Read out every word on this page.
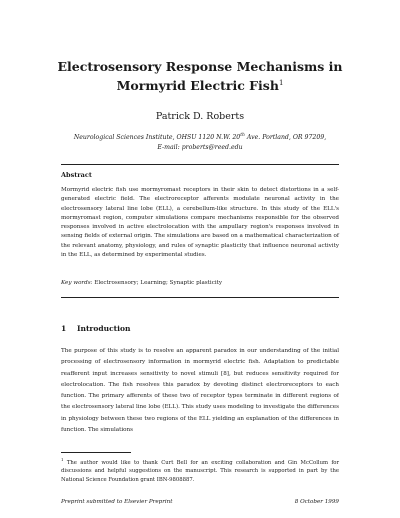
Electrosensory Response Mechanisms in
Mormyrid Electric Fish$^1$
Patrick D. Roberts
Neurological Sciences Institute, OHSU 1120 N.W. 20th Ave. Portland, OR 97209,
E-mail: proberts@reed.edu
Abstract
Mormyrid electric fish use mormyromast receptors in their skin to detect distortions in a self-generated electric field. The electroreceptor afferents modulate neuronal activity in the electrosensory lateral line lobe (ELL), a cerebellum-like structure. In this study of the ELL's mormyromast region, computer simulations compare mechanisms responsible for the observed responses involved in active electrolocation with the ampullary region's responses involved in sensing fields of external origin. The simulations are based on a mathematical characterization of the relevant anatomy, physiology, and rules of synaptic plasticity that influence neuronal activity in the ELL, as determined by experimental studies.
Key words: Electrosensory; Learning; Synaptic plasticity
1 Introduction
The purpose of this study is to resolve an apparent paradox in our understanding of the initial processing of electrosensory information in mormyrid electric fish. Adaptation to predictable reafferent input increases sensitivity to novel stimuli [8], but reduces sensitivity required for electrolocation. The fish resolves this paradox by devoting distinct electroreceptors to each function. The primary afferents of these two of receptor types terminate in different regions of the electrosensory lateral line lobe (ELL). This study uses modeling to investigate the differences in physiology between these two regions of the ELL yielding an explanation of the differences in function. The simulations
$^1$ The author would like to thank Curt Bell for an exciting collaboration and Gin McCollum for discussions and helpful suggestions on the manuscript. This research is supported in part by the National Science Foundation grant IBN-9808887.
Preprint submitted to Elsevier Preprint	8 October 1999
